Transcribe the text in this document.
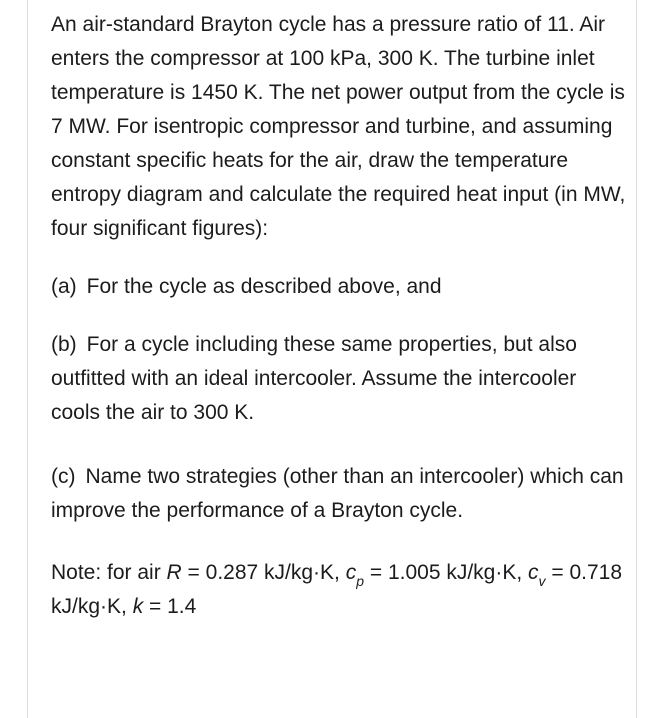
An air-standard Brayton cycle has a pressure ratio of 11. Air enters the compressor at 100 kPa, 300 K. The turbine inlet temperature is 1450 K. The net power output from the cycle is 7 MW. For isentropic compressor and turbine, and assuming constant specific heats for the air, draw the temperature entropy diagram and calculate the required heat input (in MW, four significant figures):

(a) For the cycle as described above, and

(b) For a cycle including these same properties, but also outfitted with an ideal intercooler. Assume the intercooler cools the air to 300 K.

(c) Name two strategies (other than an intercooler) which can improve the performance of a Brayton cycle.

Note: for air R = 0.287 kJ/kg·K, $c_p = 1.005$ kJ/kg·K, $c_v = 0.718$ kJ/kg·K, k = 1.4
